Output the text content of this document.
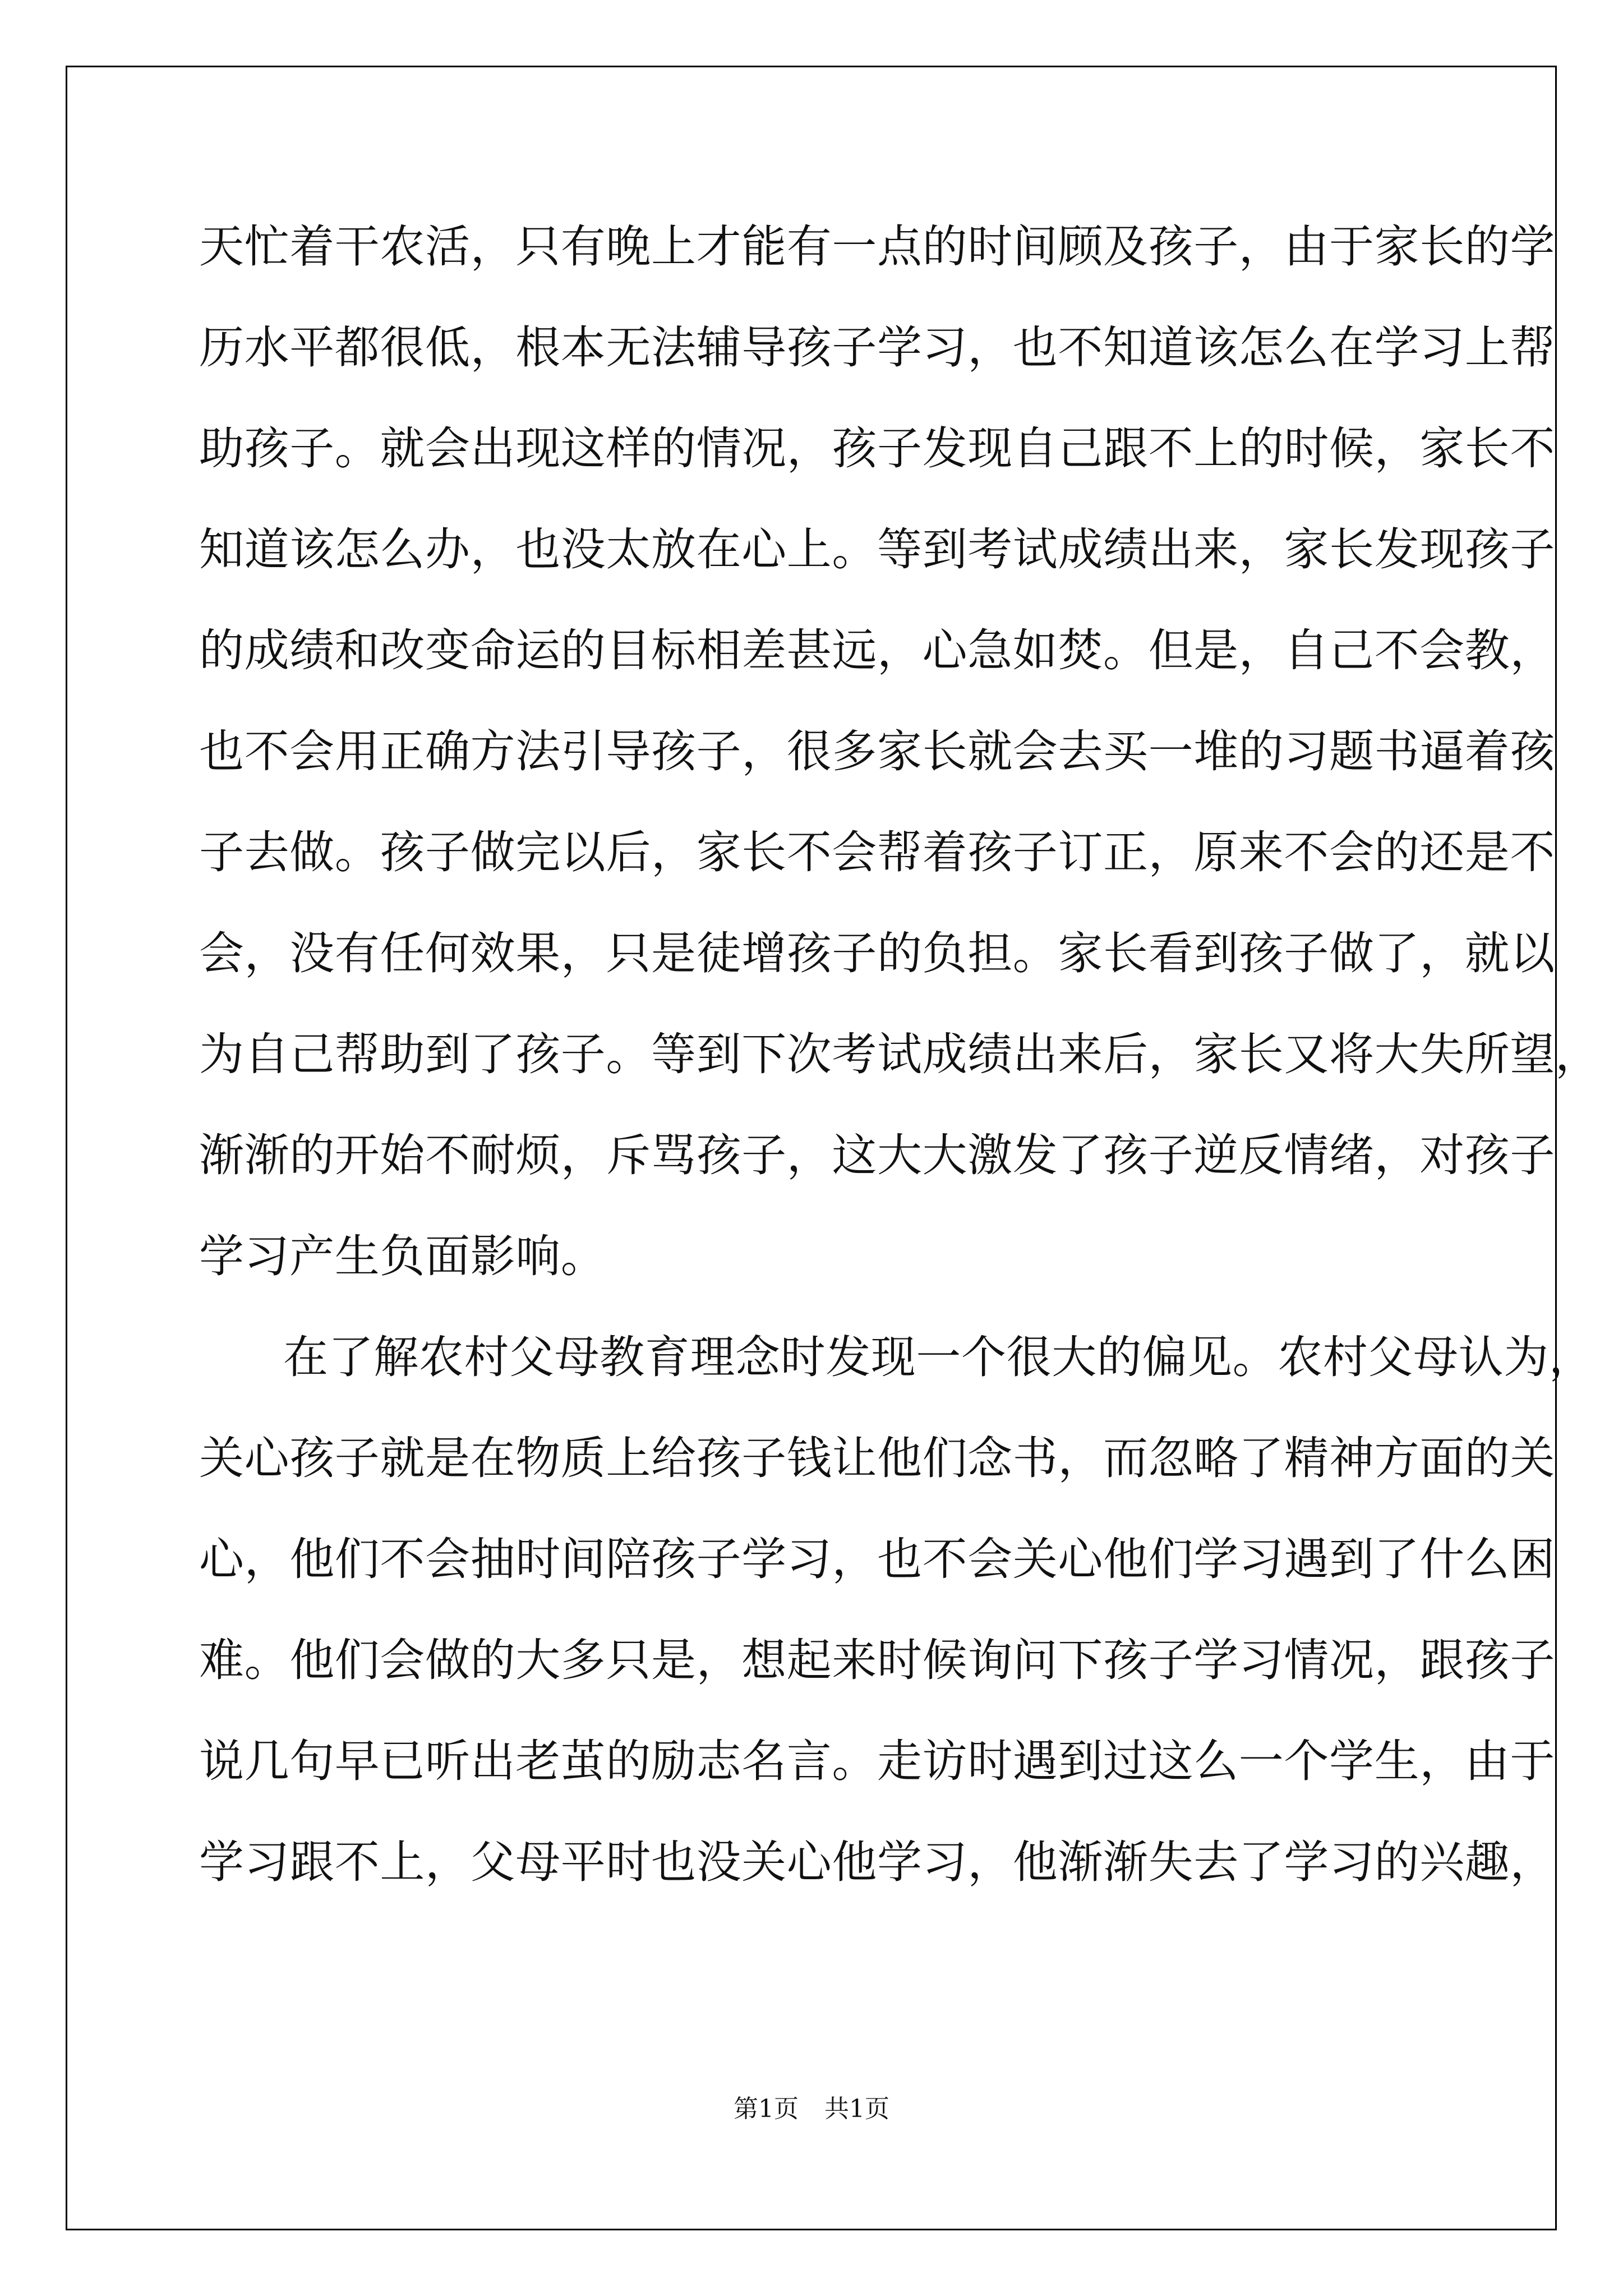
天忙着干农活，只有晚上才能有一点的时间顾及孩子，由于家长的学
历水平都很低，根本无法辅导孩子学习，也不知道该怎么在学习上帮
助孩子。就会出现这样的情况，孩子发现自己跟不上的时候，家长不
知道该怎么办，也没太放在心上。等到考试成绩出来，家长发现孩子
的成绩和改变命运的目标相差甚远，心急如焚。但是，自己不会教，
也不会用正确方法引导孩子，很多家长就会去买一堆的习题书逼着孩
子去做。孩子做完以后，家长不会帮着孩子订正，原来不会的还是不
会，没有任何效果，只是徒增孩子的负担。家长看到孩子做了，就以
为自己帮助到了孩子。等到下次考试成绩出来后，家长又将大失所望，
渐渐的开始不耐烦，斥骂孩子，这大大激发了孩子逆反情绪，对孩子
学习产生负面影响。
在了解农村父母教育理念时发现一个很大的偏见。农村父母认为，
关心孩子就是在物质上给孩子钱让他们念书，而忽略了精神方面的关
心，他们不会抽时间陪孩子学习，也不会关心他们学习遇到了什么困
难。他们会做的大多只是，想起来时候询问下孩子学习情况，跟孩子
说几句早已听出老茧的励志名言。走访时遇到过这么一个学生，由于
学习跟不上，父母平时也没关心他学习，他渐渐失去了学习的兴趣，
第1页 共1页
